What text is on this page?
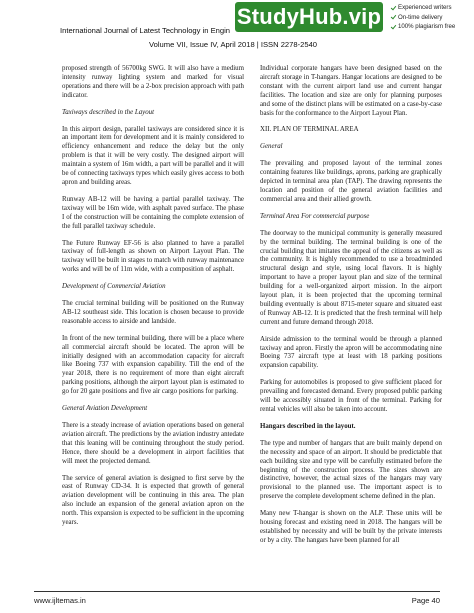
International Journal of Latest Technology in Engin
Volume VII, Issue IV, April 2018 | ISSN 2278-2540
StudyHub.vip	Experienced writers
On-time delivery
100% plagiarism free

proposed strength of 56700kg SWG. It will also have a medium intensity runway lighting system and marked for visual operations and there will be a 2-box precision approach with path indicator.

Taxiways described in the Layout

In this airport design, parallel taxiways are considered since it is an important item for development and it is mainly considered to efficiency enhancement and reduce the delay but the only problem is that it will be very costly. The designed airport will maintain a system of 16m width, a part will be parallel and it will be of connecting taxiways types which easily gives access to both apron and building areas.

Runway AB-12 will be having a partial parallel taxiway. The taxiway will be 16m wide, with asphalt paved surface. The phase I of the construction will be containing the complete extension of the full parallel taxiway schedule.

The Future Runway EF-56 is also planned to have a parallel taxiway of full-length as shown on Airport Layout Plan. The taxiway will be built in stages to match with runway maintenance works and will be of 11m wide, with a composition of asphalt.

Development of Commercial Aviation

The crucial terminal building will be positioned on the Runway AB-12 southeast side. This location is chosen because to provide reasonable access to airside and landside.

In front of the new terminal building, there will be a place where all commercial aircraft should be located. The apron will be initially designed with an accommodation capacity for aircraft like Boeing 737 with expansion capability. Till the end of the year 2018, there is no requirement of more than eight aircraft parking positions, although the airport layout plan is estimated to go for 20 gate positions and five air cargo positions for parking.

General Aviation Development

There is a steady increase of aviation operations based on general aviation aircraft. The predictions by the aviation industry antedate that this leaning will be continuing throughout the study period. Hence, there should be a development in airport facilities that will meet the projected demand.

The service of general aviation is designed to first serve by the east of Runway CD-34. It is expected that growth of general aviation development will be continuing in this area. The plan also include an expansion of the general aviation apron on the north. This expansion is expected to be sufficient in the upcoming years.

Individual corporate hangars have been designed based on the aircraft storage in T-hangars. Hangar locations are designed to be constant with the current airport land use and current hangar facilities. The location and size are only for planning purposes and some of the distinct plans will be estimated on a case-by-case basis for the conformance to the Airport Layout Plan.

XII. PLAN OF TERMINAL AREA

General

The prevailing and proposed layout of the terminal zones containing features like buildings, aprons, parking are graphically depicted in terminal area plan (TAP). The drawing represents the location and position of the general aviation facilities and commercial area and their allied growth.

Terminal Area For commercial purpose

The doorway to the municipal community is generally measured by the terminal building. The terminal building is one of the crucial building that imitates the appeal of the citizens as well as the community. It is highly recommended to use a broadminded structural design and style, using local flavors. It is highly important to have a proper layout plan and size of the terminal building for a well-organized airport mission. In the airport layout plan, it is been projected that the upcoming terminal building eventually is about 8715-meter square and situated east of Runway AB-12. It is predicted that the fresh terminal will help current and future demand through 2018.

Airside admission to the terminal would be through a planned taxiway and apron. Firstly the apron will be accommodating nine Boeing 737 aircraft type at least with 18 parking positions expansion capability.

Parking for automobiles is proposed to give sufficient placed for prevailing and forecasted demand. Every proposed public parking will be accessibly situated in front of the terminal. Parking for rental vehicles will also be taken into account.

Hangars described in the layout.

The type and number of hangars that are built mainly depend on the necessity and space of an airport. It should be predictable that each building size and type will be carefully estimated before the beginning of the construction process. The sizes shown are distinctive, however, the actual sizes of the hangars may vary provisional to the planned use. The important aspect is to preserve the complete development scheme defined in the plan.

Many new T-hangar is shown on the ALP. These units will be housing forecast and existing need in 2018. The hangars will be established by necessity and will be built by the private interests or by a city. The hangars have been planned for all

www.ijltemas.in	Page 40
